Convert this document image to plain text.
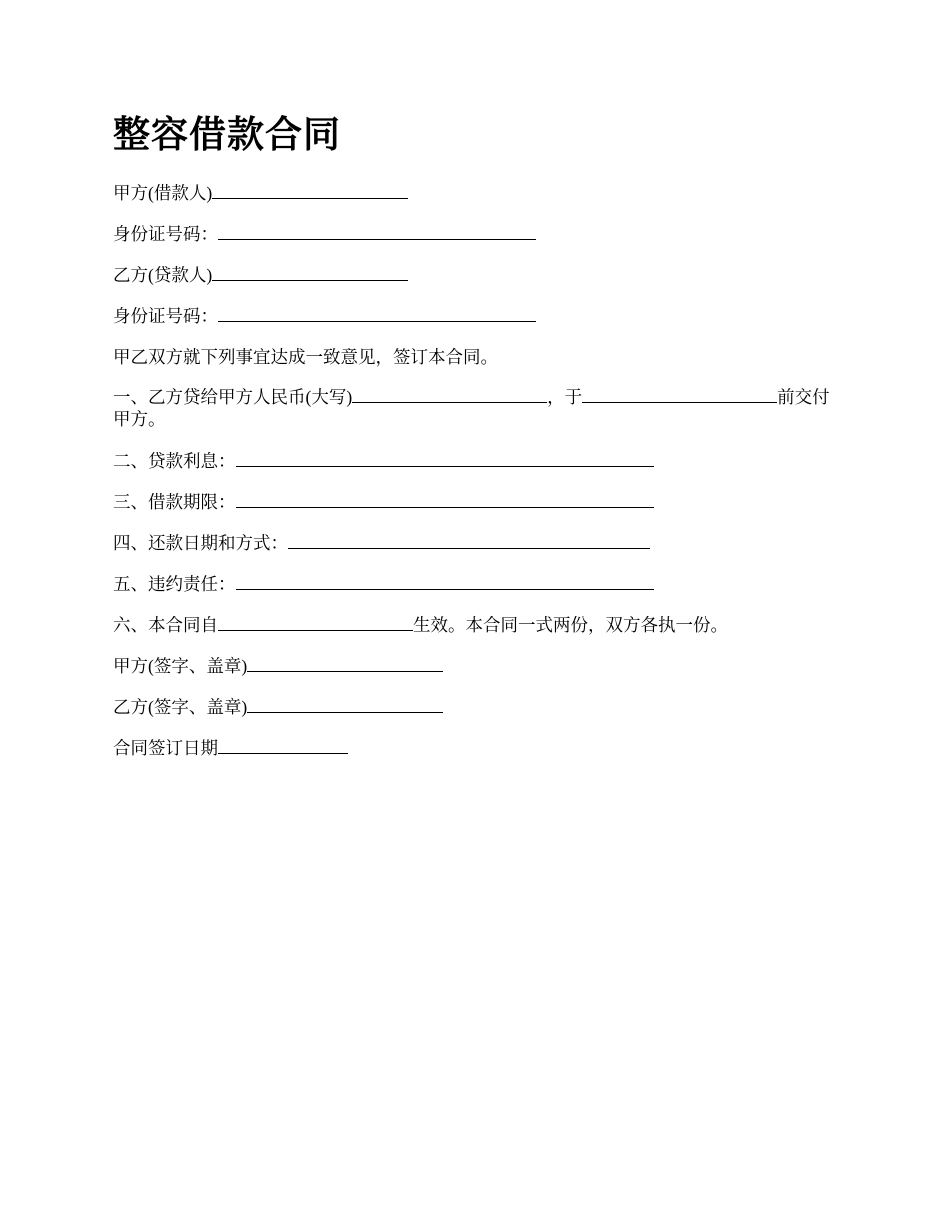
整容借款合同
甲方(借款人)
身份证号码：
乙方(贷款人)
身份证号码：
甲乙双方就下列事宜达成一致意见，签订本合同。
一、乙方贷给甲方人民币(大写)	，于	前交付甲方。
二、贷款利息：
三、借款期限：
四、还款日期和方式：
五、违约责任：
六、本合同自	生效。本合同一式两份，双方各执一份。
甲方(签字、盖章)
乙方(签字、盖章)
合同签订日期
